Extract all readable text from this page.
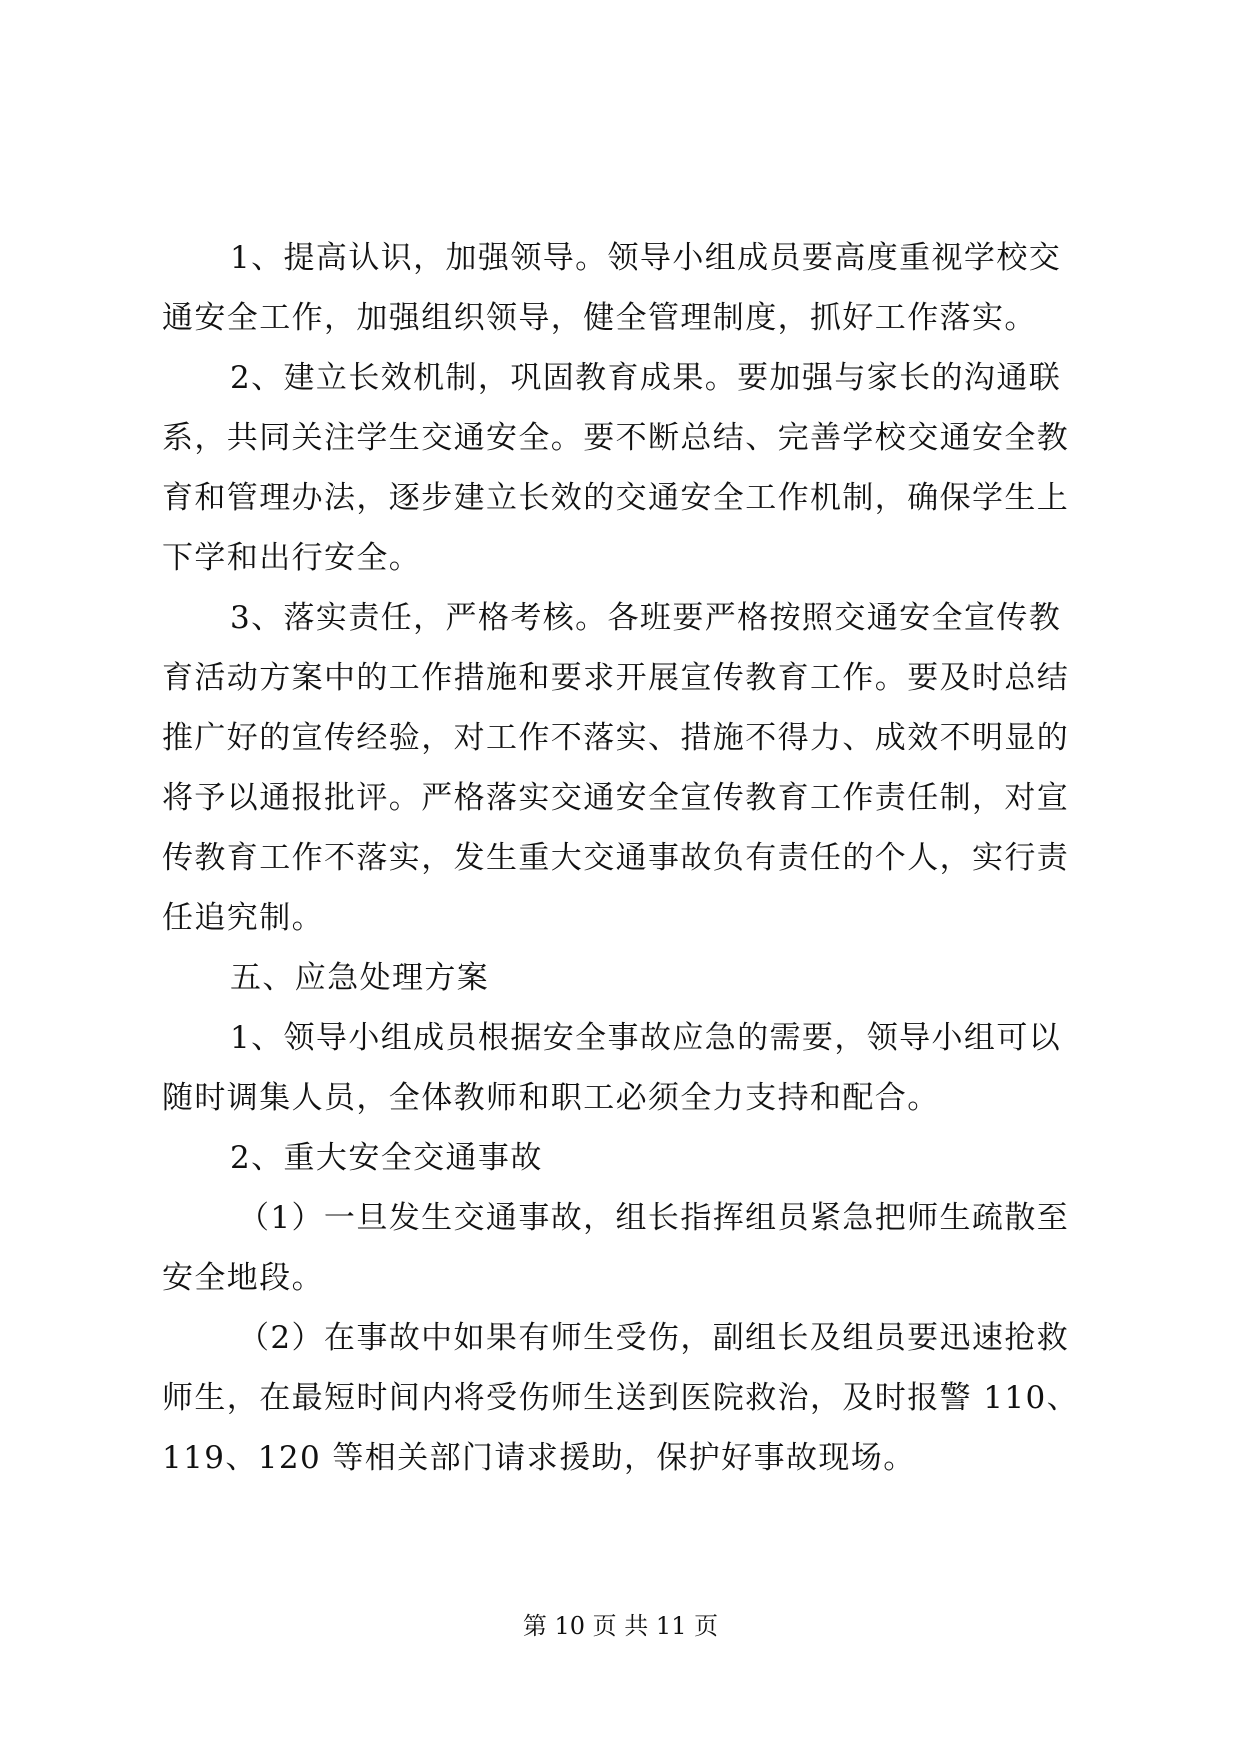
1、提高认识，加强领导。领导小组成员要高度重视学校交
通安全工作，加强组织领导，健全管理制度，抓好工作落实。
2、建立长效机制，巩固教育成果。要加强与家长的沟通联
系，共同关注学生交通安全。要不断总结、完善学校交通安全教
育和管理办法，逐步建立长效的交通安全工作机制，确保学生上
下学和出行安全。
3、落实责任，严格考核。各班要严格按照交通安全宣传教
育活动方案中的工作措施和要求开展宣传教育工作。要及时总结
推广好的宣传经验，对工作不落实、措施不得力、成效不明显的
将予以通报批评。严格落实交通安全宣传教育工作责任制，对宣
传教育工作不落实，发生重大交通事故负有责任的个人，实行责
任追究制。
五、应急处理方案
1、领导小组成员根据安全事故应急的需要，领导小组可以
随时调集人员，全体教师和职工必须全力支持和配合。
2、重大安全交通事故
（1）一旦发生交通事故，组长指挥组员紧急把师生疏散至
安全地段。
（2）在事故中如果有师生受伤，副组长及组员要迅速抢救
师生，在最短时间内将受伤师生送到医院救治，及时报警 110、
119、120 等相关部门请求援助，保护好事故现场。
第 10 页 共 11 页
